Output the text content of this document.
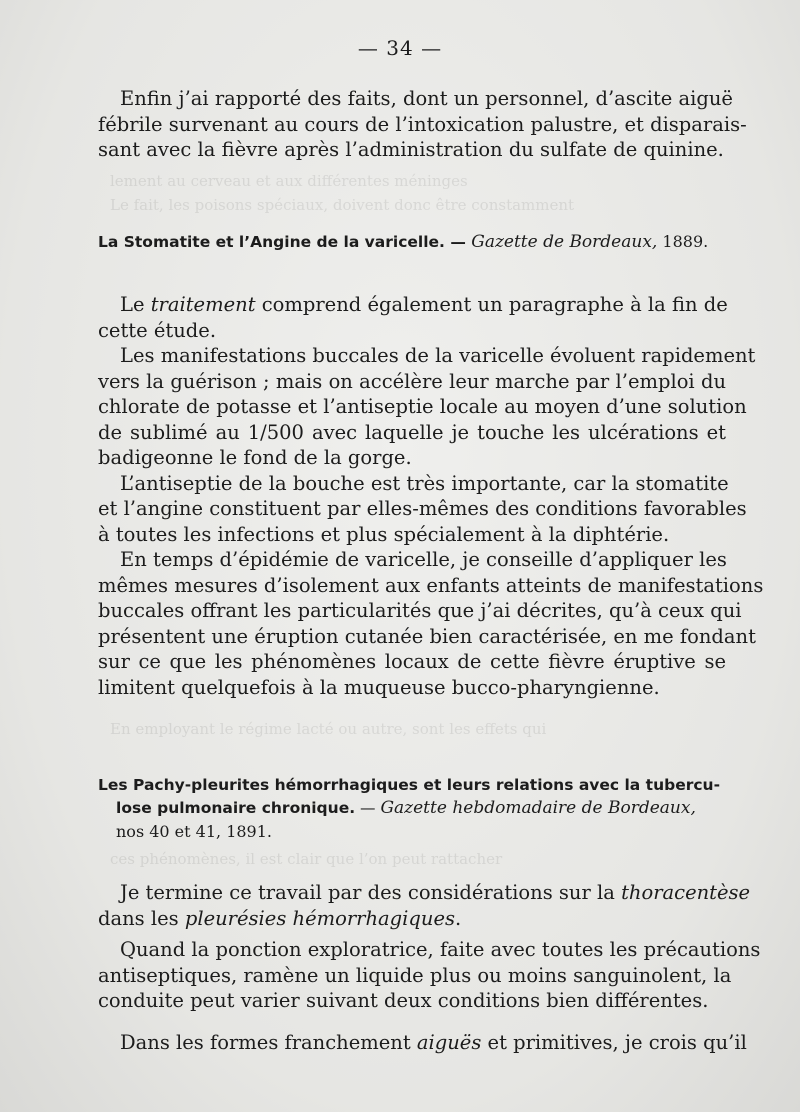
lement au cerveau et aux différentes méninges
Le fait, les poisons spéciaux, doivent donc être constamment
En employant le régime lacté ou autre, sont les effets qui
ces phénomènes, il est clair que l’on peut rattacher
— 34 —
Enfin j’ai rapporté des faits, dont un personnel, d’ascite aiguë
fébrile survenant au cours de l’intoxication palustre, et disparais-
sant avec la fièvre après l’administration du sulfate de quinine.
La Stomatite et l’Angine de la varicelle. — Gazette de Bordeaux, 1889.
Le traitement comprend également un paragraphe à la fin de
cette étude.
Les manifestations buccales de la varicelle évoluent rapidement
vers la guérison ; mais on accélère leur marche par l’emploi du
chlorate de potasse et l’antiseptie locale au moyen d’une solution
de sublimé au 1/500 avec laquelle je touche les ulcérations et
badigeonne le fond de la gorge.
L’antiseptie de la bouche est très importante, car la stomatite
et l’angine constituent par elles-mêmes des conditions favorables
à toutes les infections et plus spécialement à la diphtérie.
En temps d’épidémie de varicelle, je conseille d’appliquer les
mêmes mesures d’isolement aux enfants atteints de manifestations
buccales offrant les particularités que j’ai décrites, qu’à ceux qui
présentent une éruption cutanée bien caractérisée, en me fondant
sur ce que les phénomènes locaux de cette fièvre éruptive se
limitent quelquefois à la muqueuse bucco-pharyngienne.
Les Pachy-pleurites hémorrhagiques et leurs relations avec la tubercu-
lose pulmonaire chronique. — Gazette hebdomadaire de Bordeaux,
nos 40 et 41, 1891.
Je termine ce travail par des considérations sur la thoracentèse
dans les pleurésies hémorrhagiques.
Quand la ponction exploratrice, faite avec toutes les précautions
antiseptiques, ramène un liquide plus ou moins sanguinolent, la
conduite peut varier suivant deux conditions bien différentes.
Dans les formes franchement aiguës et primitives, je crois qu’il
